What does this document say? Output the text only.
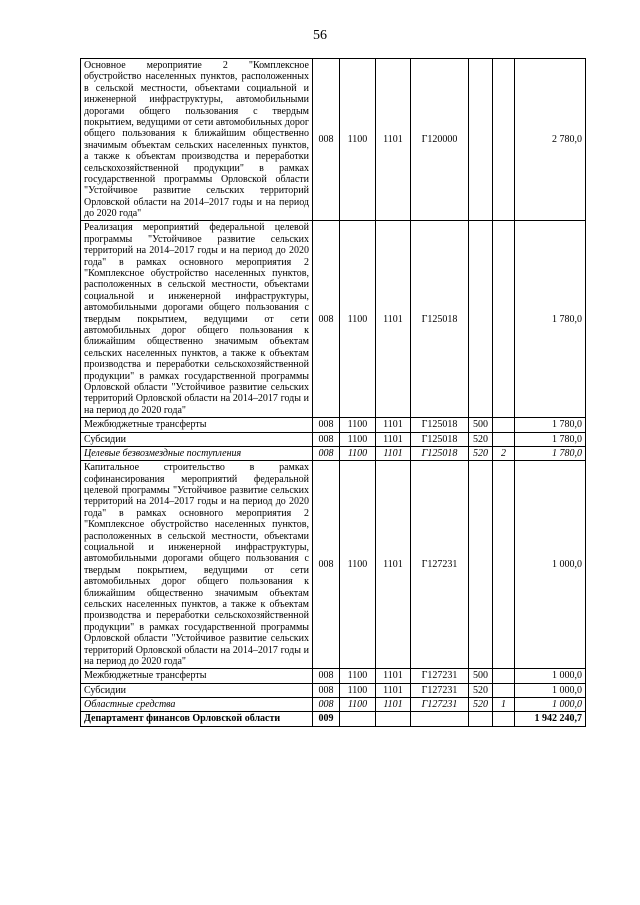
56
Основное мероприятие 2 "Комплексное обустройство населенных пунктов, расположенных в сельской местности, объектами социальной и инженерной инфраструктуры, автомобильными дорогами общего пользования с твердым покрытием, ведущими от сети автомобильных дорог общего пользования к ближайшим общественно значимым объектам сельских населенных пунктов, а также к объектам производства и переработки сельскохозяйственной продукции" в рамках государственной программы Орловской области "Устойчивое развитие сельских территорий Орловской области на 2014–2017 годы и на период до 2020 года"	008	1100	1101	Г120000			2 780,0
Реализация мероприятий федеральной целевой программы "Устойчивое развитие сельских территорий на 2014–2017 годы и на период до 2020 года" в рамках основного мероприятия 2 "Комплексное обустройство населенных пунктов, расположенных в сельской местности, объектами социальной и инженерной инфраструктуры, автомобильными дорогами общего пользования с твердым покрытием, ведущими от сети автомобильных дорог общего пользования к ближайшим общественно значимым объектам сельских населенных пунктов, а также к объектам производства и переработки сельскохозяйственной продукции" в рамках государственной программы Орловской области "Устойчивое развитие сельских территорий Орловской области на 2014–2017 годы и на период до 2020 года"	008	1100	1101	Г125018			1 780,0
Межбюджетные трансферты	008	1100	1101	Г125018	500		1 780,0
Субсидии	008	1100	1101	Г125018	520		1 780,0
Целевые безвозмездные поступления	008	1100	1101	Г125018	520	2	1 780,0
Капитальное строительство в рамках софинансирования мероприятий федеральной целевой программы "Устойчивое развитие сельских территорий на 2014–2017 годы и на период до 2020 года" в рамках основного мероприятия 2 "Комплексное обустройство населенных пунктов, расположенных в сельской местности, объектами социальной и инженерной инфраструктуры, автомобильными дорогами общего пользования с твердым покрытием, ведущими от сети автомобильных дорог общего пользования к ближайшим общественно значимым объектам сельских населенных пунктов, а также к объектам производства и переработки сельскохозяйственной продукции" в рамках государственной программы Орловской области "Устойчивое развитие сельских территорий Орловской области на 2014–2017 годы и на период до 2020 года"	008	1100	1101	Г127231			1 000,0
Межбюджетные трансферты	008	1100	1101	Г127231	500		1 000,0
Субсидии	008	1100	1101	Г127231	520		1 000,0
Областные средства	008	1100	1101	Г127231	520	1	1 000,0
Департамент финансов Орловской области	009						1 942 240,7
